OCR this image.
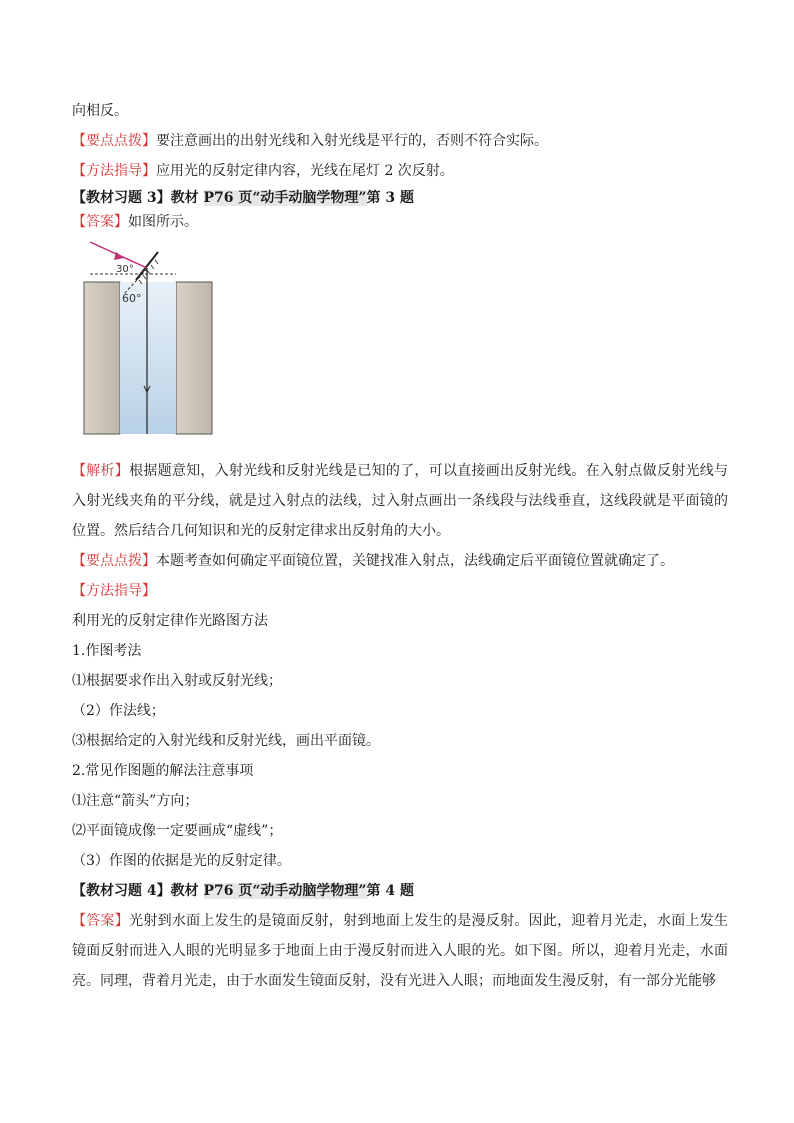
向相反。
【要点点拨】要注意画出的出射光线和入射光线是平行的，否则不符合实际。
【方法指导】应用光的反射定律内容，光线在尾灯 2 次反射。
【教材习题 3】教材 P76 页“动手动脑学物理”第 3 题
【答案】如图所示。
30°
60°
【解析】根据题意知，入射光线和反射光线是已知的了，可以直接画出反射光线。在入射点做反射光线与入射光线夹角的平分线，就是过入射点的法线，过入射点画出一条线段与法线垂直，这线段就是平面镜的位置。然后结合几何知识和光的反射定律求出反射角的大小。
【要点点拨】本题考查如何确定平面镜位置，关键找准入射点，法线确定后平面镜位置就确定了。
【方法指导】
利用光的反射定律作光路图方法
1.作图考法
⑴根据要求作出入射或反射光线；
（2）作法线；
⑶根据给定的入射光线和反射光线，画出平面镜。
2.常见作图题的解法注意事项
⑴注意“箭头”方向；
⑵平面镜成像一定要画成“虚线”；
（3）作图的依据是光的反射定律。
【教材习题 4】教材 P76 页“动手动脑学物理”第 4 题
【答案】光射到水面上发生的是镜面反射，射到地面上发生的是漫反射。因此，迎着月光走，水面上发生镜面反射而进入人眼的光明显多于地面上由于漫反射而进入人眼的光。如下图。所以，迎着月光走，水面亮。同理，背着月光走，由于水面发生镜面反射，没有光进入人眼；而地面发生漫反射，有一部分光能够
